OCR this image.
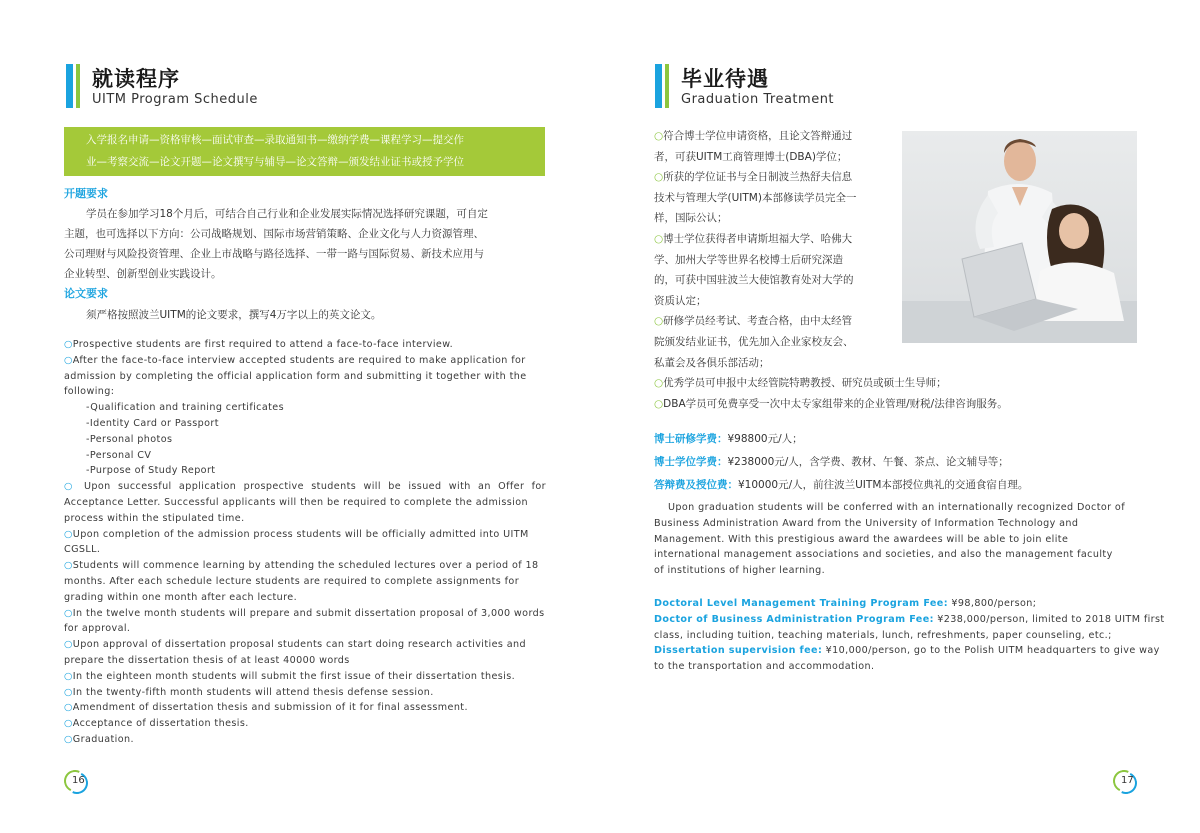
就读程序
UITM Program Schedule
入学报名申请—资格审核—面试审查—录取通知书—缴纳学费—课程学习—提交作
业—考察交流—论文开题—论文撰写与辅导—论文答辩—颁发结业证书或授予学位
开题要求
学员在参加学习18个月后，可结合自己行业和企业发展实际情况选择研究课题，可自定
主题，也可选择以下方向：公司战略规划、国际市场营销策略、企业文化与人力资源管理、
公司理财与风险投资管理、企业上市战略与路径选择、一带一路与国际贸易、新技术应用与
企业转型、创新型创业实践设计。
论文要求
须严格按照波兰UITM的论文要求，撰写4万字以上的英文论文。
○Prospective students are first required to attend a face-to-face interview.
○After the face-to-face interview accepted students are required to make application for
admission by completing the official application form and submitting it together with the
following:
-Qualification and training certificates
-Identity Card or Passport
-Personal photos
-Personal CV
-Purpose of Study Report
○ Upon successful application prospective students will be issued with an Offer for
Acceptance Letter. Successful applicants will then be required to complete the admission
process within the stipulated time.
○Upon completion of the admission process students will be officially admitted into UITM
CGSLL.
○Students will commence learning by attending the scheduled lectures over a period of 18
months. After each schedule lecture students are required to complete assignments for
grading within one month after each lecture.
○In the twelve month students will prepare and submit dissertation proposal of 3,000 words
for approval.
○Upon approval of dissertation proposal students can start doing research activities and
prepare the dissertation thesis of at least 40000 words
○In the eighteen month students will submit the first issue of their dissertation thesis.
○In the twenty-fifth month students will attend thesis defense session.
○Amendment of dissertation thesis and submission of it for final assessment.
○Acceptance of dissertation thesis.
○Graduation.
16
毕业待遇
Graduation Treatment
○符合博士学位申请资格，且论文答辩通过
者，可获UITM工商管理博士(DBA)学位；
○所获的学位证书与全日制波兰热舒夫信息
技术与管理大学(UITM)本部修读学员完全一
样，国际公认；
○博士学位获得者申请斯坦福大学、哈佛大
学、加州大学等世界名校博士后研究深造
的，可获中国驻波兰大使馆教育处对大学的
资质认定；
○研修学员经考试、考查合格，由中太经管
院颁发结业证书，优先加入企业家校友会、
私董会及各俱乐部活动；
○优秀学员可申报中太经管院特聘教授、研究员或硕士生导师；
○DBA学员可免费享受一次中太专家组带来的企业管理/财税/法律咨询服务。
博士研修学费：¥98800元/人；
博士学位学费：¥238000元/人，含学费、教材、午餐、茶点、论文辅导等；
答辩费及授位费：¥10000元/人，前往波兰UITM本部授位典礼的交通食宿自理。
Upon graduation students will be conferred with an internationally recognized Doctor of
Business Administration Award from the University of Information Technology and
Management. With this prestigious award the awardees will be able to join elite
international management associations and societies, and also the management faculty
of institutions of higher learning.
Doctoral Level Management Training Program Fee: ¥98,800/person;
Doctor of Business Administration Program Fee: ¥238,000/person, limited to 2018 UITM first
class, including tuition, teaching materials, lunch, refreshments, paper counseling, etc.;
Dissertation supervision fee: ¥10,000/person, go to the Polish UITM headquarters to give way
to the transportation and accommodation.
17
